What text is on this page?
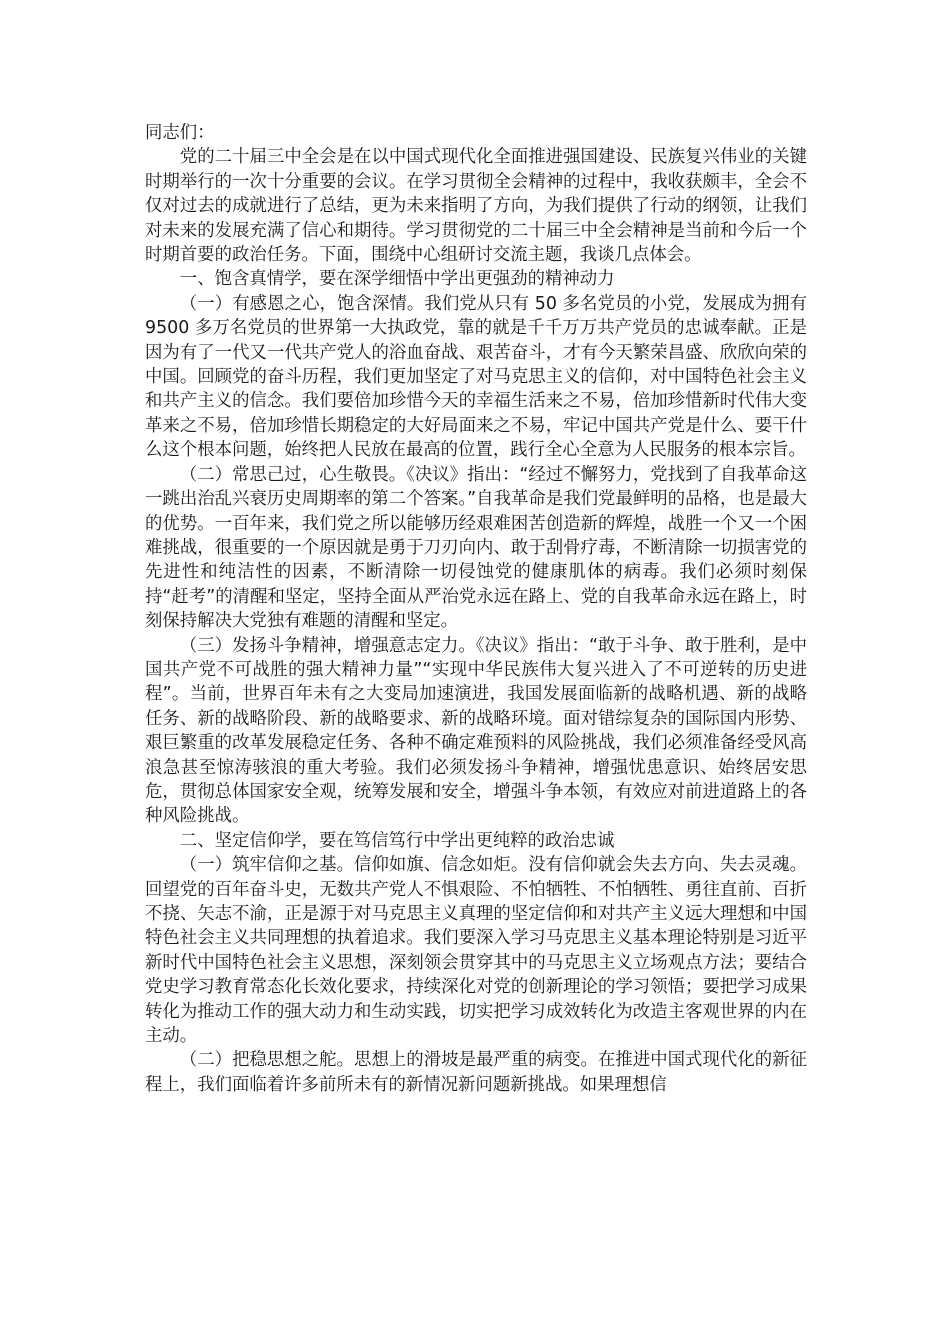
同志们：

党的二十届三中全会是在以中国式现代化全面推进强国建设、民族复兴伟业的关键时期举行的一次十分重要的会议。在学习贯彻全会精神的过程中，我收获颇丰，全会不仅对过去的成就进行了总结，更为未来指明了方向，为我们提供了行动的纲领，让我们对未来的发展充满了信心和期待。学习贯彻党的二十届三中全会精神是当前和今后一个时期首要的政治任务。下面，围绕中心组研讨交流主题，我谈几点体会。

一、饱含真情学，要在深学细悟中学出更强劲的精神动力

（一）有感恩之心，饱含深情。我们党从只有 50 多名党员的小党，发展成为拥有 9500 多万名党员的世界第一大执政党，靠的就是千千万万共产党员的忠诚奉献。正是因为有了一代又一代共产党人的浴血奋战、艰苦奋斗，才有今天繁荣昌盛、欣欣向荣的中国。回顾党的奋斗历程，我们更加坚定了对马克思主义的信仰，对中国特色社会主义和共产主义的信念。我们要倍加珍惜今天的幸福生活来之不易，倍加珍惜新时代伟大变革来之不易，倍加珍惜长期稳定的大好局面来之不易，牢记中国共产党是什么、要干什么这个根本问题，始终把人民放在最高的位置，践行全心全意为人民服务的根本宗旨。

（二）常思己过，心生敬畏。《决议》指出：“经过不懈努力，党找到了自我革命这一跳出治乱兴衰历史周期率的第二个答案。”自我革命是我们党最鲜明的品格，也是最大的优势。一百年来，我们党之所以能够历经艰难困苦创造新的辉煌，战胜一个又一个困难挑战，很重要的一个原因就是勇于刀刃向内、敢于刮骨疗毒，不断清除一切损害党的先进性和纯洁性的因素，不断清除一切侵蚀党的健康肌体的病毒。我们必须时刻保持“赶考”的清醒和坚定，坚持全面从严治党永远在路上、党的自我革命永远在路上，时刻保持解决大党独有难题的清醒和坚定。

（三）发扬斗争精神，增强意志定力。《决议》指出：“敢于斗争、敢于胜利，是中国共产党不可战胜的强大精神力量”“实现中华民族伟大复兴进入了不可逆转的历史进程”。当前，世界百年未有之大变局加速演进，我国发展面临新的战略机遇、新的战略任务、新的战略阶段、新的战略要求、新的战略环境。面对错综复杂的国际国内形势、艰巨繁重的改革发展稳定任务、各种不确定难预料的风险挑战，我们必须准备经受风高浪急甚至惊涛骇浪的重大考验。我们必须发扬斗争精神，增强忧患意识、始终居安思危，贯彻总体国家安全观，统筹发展和安全，增强斗争本领，有效应对前进道路上的各种风险挑战。

二、坚定信仰学，要在笃信笃行中学出更纯粹的政治忠诚

（一）筑牢信仰之基。信仰如旗、信念如炬。没有信仰就会失去方向、失去灵魂。回望党的百年奋斗史，无数共产党人不惧艰险、不怕牺牲、不怕牺牲、勇往直前、百折不挠、矢志不渝，正是源于对马克思主义真理的坚定信仰和对共产主义远大理想和中国特色社会主义共同理想的执着追求。我们要深入学习马克思主义基本理论特别是习近平新时代中国特色社会主义思想，深刻领会贯穿其中的马克思主义立场观点方法；要结合党史学习教育常态化长效化要求，持续深化对党的创新理论的学习领悟；要把学习成果转化为推动工作的强大动力和生动实践，切实把学习成效转化为改造主客观世界的内在主动。

（二）把稳思想之舵。思想上的滑坡是最严重的病变。在推进中国式现代化的新征程上，我们面临着许多前所未有的新情况新问题新挑战。如果理想信
